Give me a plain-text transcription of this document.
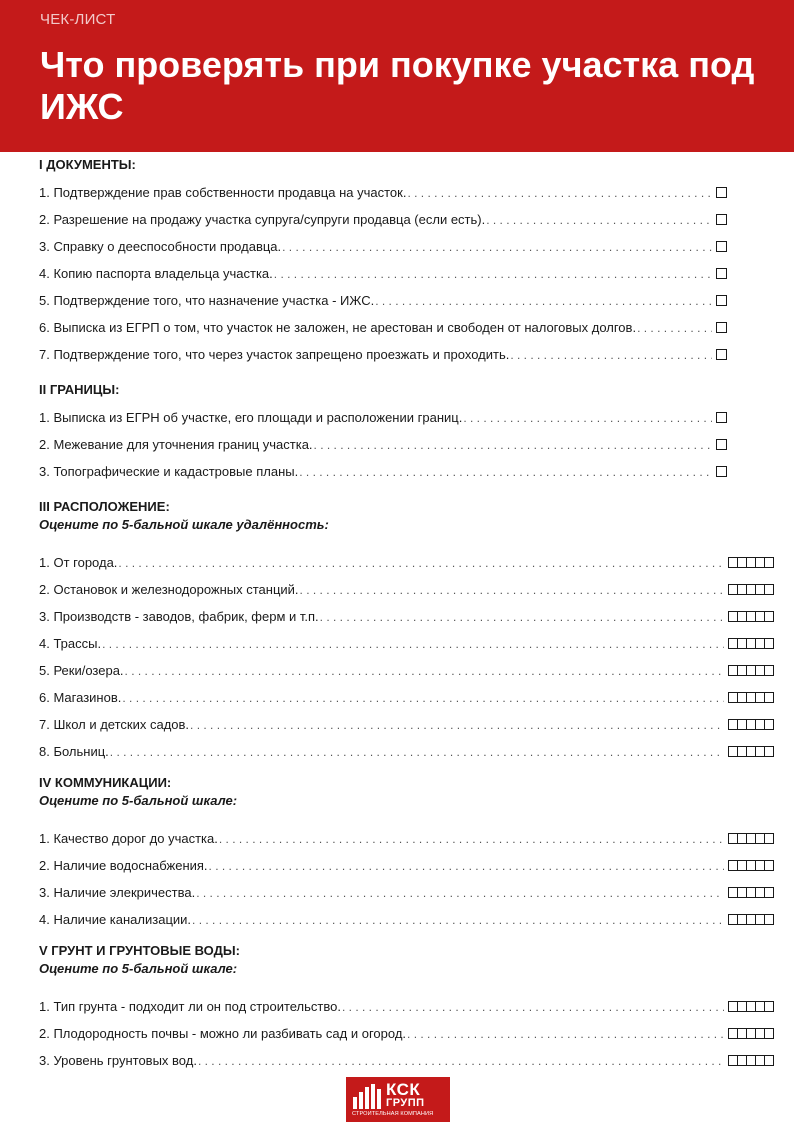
ЧЕК-ЛИСТ
Что проверять при покупке участка под ИЖС
I ДОКУМЕНТЫ:
1. Подтверждение прав собственности продавца на участок.
. . .
2. Разрешение на продажу участка супруга/супруги продавца (если есть).
. . .
3. Справку о дееспособности продавца.
. . .
4. Копию паспорта владельца участка.
. . .
5. Подтверждение того, что назначение участка - ИЖС.
. . .
6. Выписка из ЕГРП о том, что участок не заложен, не арестован и свободен от налоговых долгов.
. . .
7. Подтверждение того, что через участок запрещено проезжать и проходить.
. . .
II ГРАНИЦЫ:
1. Выписка из ЕГРН об участке, его площади и расположении границ.
. . .
2. Межевание для уточнения границ участка.
. . .
3. Топографические и кадастровые планы.
. . .
III РАСПОЛОЖЕНИЕ:
Оцените по 5-бальной шкале удалённость:
1. От города.
. . .
2. Остановок и железнодорожных станций.
. . .
3. Производств - заводов, фабрик, ферм и т.п.
. . .
4. Трассы.
. . .
5. Реки/озера.
. . .
6. Магазинов.
. . .
7. Школ и детских садов.
. . .
8. Больниц.
. . .
IV КОММУНИКАЦИИ:
Оцените по 5-бальной шкале:
1. Качество дорог до участка.
. . .
2. Наличие водоснабжения.
. . .
3. Наличие элекричества.
. . .
4. Наличие канализации.
. . .
V ГРУНТ И ГРУНТОВЫЕ ВОДЫ:
Оцените по 5-бальной шкале:
1. Тип грунта - подходит ли он под строительство.
. . .
2. Плодородность почвы - можно ли разбивать сад и огород.
. . .
3. Уровень грунтовых вод.
. . .
КСК
ГРУПП
СТРОИТЕЛЬНАЯ КОМПАНИЯ
